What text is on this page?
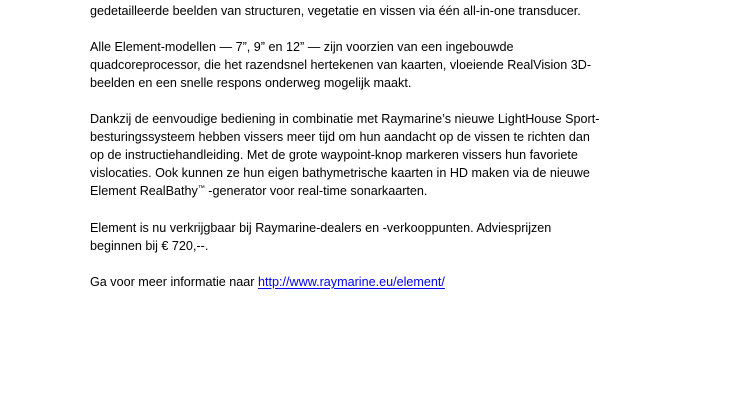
gedetailleerde beelden van structuren, vegetatie en vissen via één all-in-one transducer.
Alle Element-modellen — 7”, 9” en 12” — zijn voorzien van een ingebouwde
quadcoreprocessor, die het razendsnel hertekenen van kaarten, vloeiende RealVision 3D-
beelden en een snelle respons onderweg mogelijk maakt.
Dankzij de eenvoudige bediening in combinatie met Raymarine’s nieuwe LightHouse Sport-
besturingssysteem hebben vissers meer tijd om hun aandacht op de vissen te richten dan
op de instructiehandleiding. Met de grote waypoint-knop markeren vissers hun favoriete
vislocaties. Ook kunnen ze hun eigen bathymetrische kaarten in HD maken via de nieuwe
Element RealBathy™ -generator voor real-time sonarkaarten.
Element is nu verkrijgbaar bij Raymarine-dealers en -verkooppunten. Adviesprijzen
beginnen bij € 720,--.
Ga voor meer informatie naar http://www.raymarine.eu/element/
